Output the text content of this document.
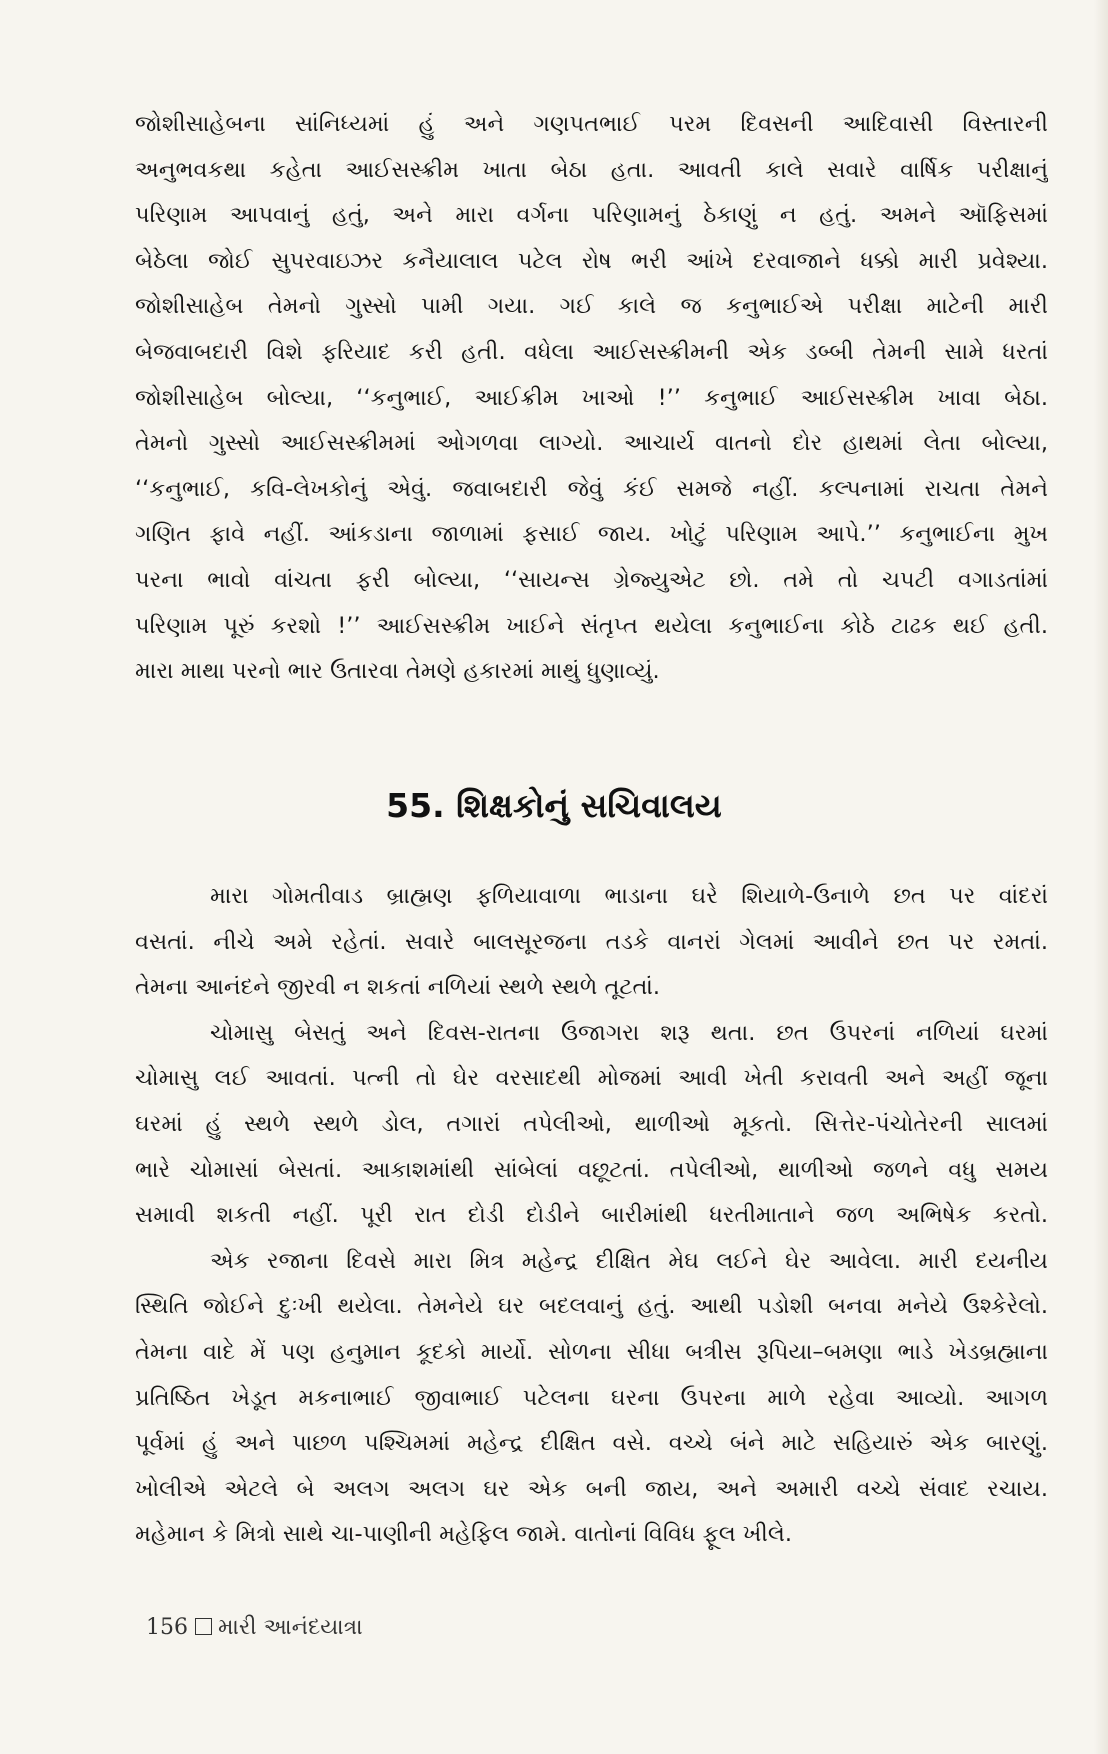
જોશીસાહેબના સાંનિધ્યમાં હું અને ગણપતભાઈ પરમ દિવસની આદિવાસી વિસ્તારની
અનુભવકથા કહેતા આઈસસ્ક્રીમ ખાતા બેઠા હતા. આવતી કાલે સવારે વાર્ષિક પરીક્ષાનું
પરિણામ આપવાનું હતું, અને મારા વર્ગના પરિણામનું ઠેકાણું ન હતું. અમને ઑફિસમાં
બેઠેલા જોઈ સુપરવાઇઝર કનૈયાલાલ પટેલ રોષ ભરી આંખે દરવાજાને ધક્કો મારી પ્રવેશ્યા.
જોશીસાહેબ તેમનો ગુસ્સો પામી ગયા. ગઈ કાલે જ કનુભાઈએ પરીક્ષા માટેની મારી
બેજવાબદારી વિશે ફરિયાદ કરી હતી. વધેલા આઈસસ્ક્રીમની એક ડબ્બી તેમની સામે ધરતાં
જોશીસાહેબ બોલ્યા, ‘‘કનુભાઈ, આઈક્રીમ ખાઓ !’’ કનુભાઈ આઈસસ્ક્રીમ ખાવા બેઠા.
તેમનો ગુસ્સો આઈસસ્ક્રીમમાં ઓગળવા લાગ્યો. આચાર્ય વાતનો દોર હાથમાં લેતા બોલ્યા,
‘‘કનુભાઈ, કવિ-લેખકોનું એવું. જવાબદારી જેવું કંઈ સમજે નહીં. કલ્પનામાં રાચતા તેમને
ગણિત ફાવે નહીં. આંકડાના જાળામાં ફસાઈ જાય. ખોટું પરિણામ આપે.’’ કનુભાઈના મુખ
પરના ભાવો વાંચતા ફરી બોલ્યા, ‘‘સાયન્સ ગ્રેજ્યુએટ છો. તમે તો ચપટી વગાડતાંમાં
પરિણામ પૂરું કરશો !’’ આઈસસ્ક્રીમ ખાઈને સંતૃપ્ત થયેલા કનુભાઈના કોઠે ટાઢક થઈ હતી.
મારા માથા પરનો ભાર ઉતારવા તેમણે હકારમાં માથું ધુણાવ્યું.
55. શિક્ષકોનું સચિવાલય
મારા ગોમતીવાડ બ્રાહ્મણ ફળિયાવાળા ભાડાના ઘરે શિયાળે-ઉનાળે છત પર વાંદરાં
વસતાં. નીચે અમે રહેતાં. સવારે બાલસૂરજના તડકે વાનરાં ગેલમાં આવીને છત પર રમતાં.
તેમના આનંદને જીરવી ન શકતાં નળિયાં સ્થળે સ્થળે તૂટતાં.
ચોમાસુ બેસતું અને દિવસ-રાતના ઉજાગરા શરૂ થતા. છત ઉપરનાં નળિયાં ઘરમાં
ચોમાસુ લઈ આવતાં. પત્ની તો ઘેર વરસાદથી મોજમાં આવી ખેતી કરાવતી અને અહીં જૂના
ઘરમાં હું સ્થળે સ્થળે ડોલ, તગારાં તપેલીઓ, થાળીઓ મૂકતો. સિત્તેર-પંચોતેરની સાલમાં
ભારે ચોમાસાં બેસતાં. આકાશમાંથી સાંબેલાં વછૂટતાં. તપેલીઓ, થાળીઓ જળને વધુ સમય
સમાવી શકતી નહીં. પૂરી રાત દોડી દોડીને બારીમાંથી ધરતીમાતાને જળ અભિષેક કરતો.
એક રજાના દિવસે મારા મિત્ર મહેન્દ્ર દીક્ષિત મેઘ લઈને ઘેર આવેલા. મારી દયનીય
સ્થિતિ જોઈને દુઃખી થયેલા. તેમનેયે ઘર બદલવાનું હતું. આથી પડોશી બનવા મનેયે ઉશ્કેરેલો.
તેમના વાદે મેં પણ હનુમાન કૂદકો માર્યો. સોળના સીધા બત્રીસ રૂપિયા–બમણા ભાડે ખેડબ્રહ્માના
પ્રતિષ્ઠિત ખેડૂત મકનાભાઈ જીવાભાઈ પટેલના ઘરના ઉપરના માળે રહેવા આવ્યો. આગળ
પૂર્વમાં હું અને પાછળ પશ્ચિમમાં મહેન્દ્ર દીક્ષિત વસે. વચ્ચે બંને માટે સહિયારું એક બારણું.
ખોલીએ એટલે બે અલગ અલગ ઘર એક બની જાય, અને અમારી વચ્ચે સંવાદ રચાય.
મહેમાન કે મિત્રો સાથે ચા-પાણીની મહેફિલ જામે. વાતોનાં વિવિધ ફૂલ ખીલે.
156 મારી આનંદયાત્રા
